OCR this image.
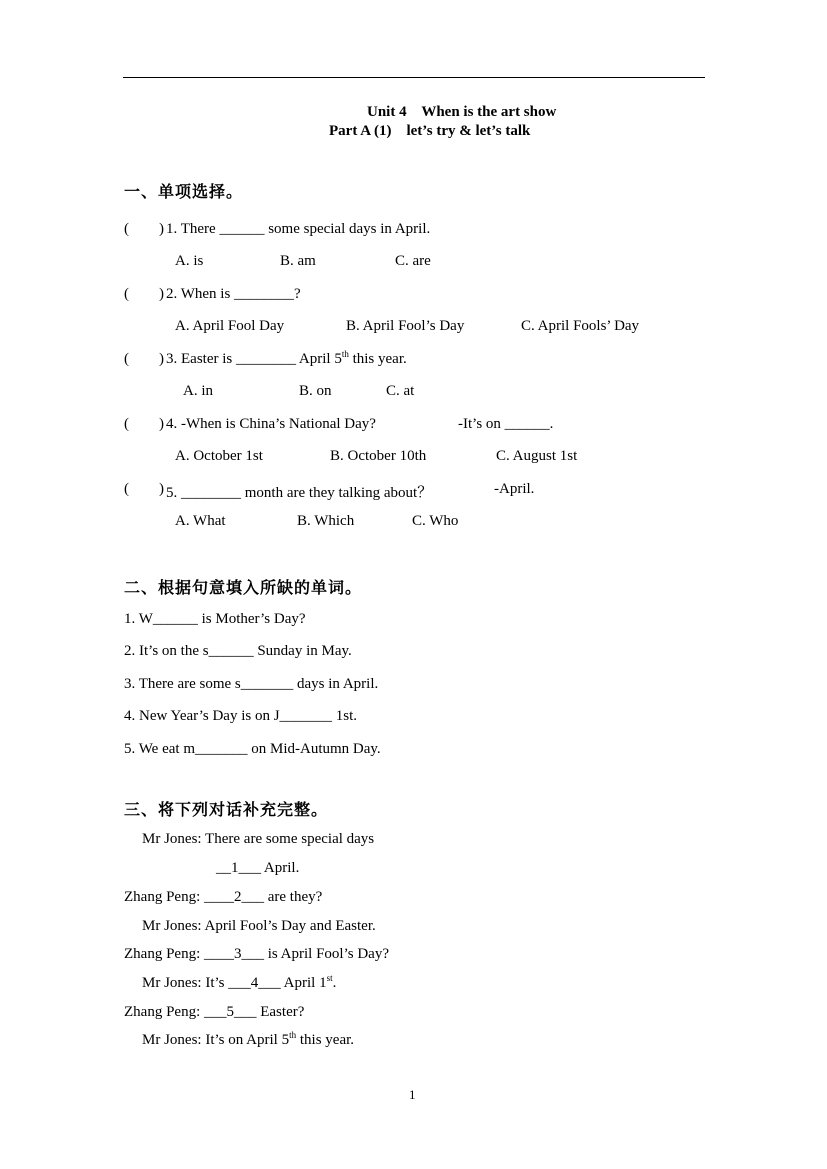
Unit 4    When is the art show
Part A (1)    let’s try & let’s talk
一、单项选择。
(        ) 1. There ______ some special days in April.
A. is	B. am	C. are
(        ) 2. When is ________?
A. April Fool Day	B. April Fool’s Day	C. April Fools’ Day
(        ) 3. Easter is ________ April 5th this year.
A. in	B. on	C. at
(        ) 4. -When is China’s National Day?	-It’s on ______.
A. October 1st	B. October 10th	C. August 1st
(        ) 5. ________ month are they talking about？	-April.
A. What	B. Which	C. Who
二、根据句意填入所缺的单词。
1. W______ is Mother’s Day?
2. It’s on the s______ Sunday in May.
3. There are some s_______ days in April.
4. New Year’s Day is on J_______ 1st.
5. We eat m_______ on Mid-Autumn Day.
三、将下列对话补充完整。
Mr Jones: There are some special days
__1___ April.
Zhang Peng: ____2___ are they?
Mr Jones: April Fool’s Day and Easter.
Zhang Peng: ____3___ is April Fool’s Day?
Mr Jones: It’s ___4___ April 1st.
Zhang Peng: ___5___ Easter?
Mr Jones: It’s on April 5th this year.
1
